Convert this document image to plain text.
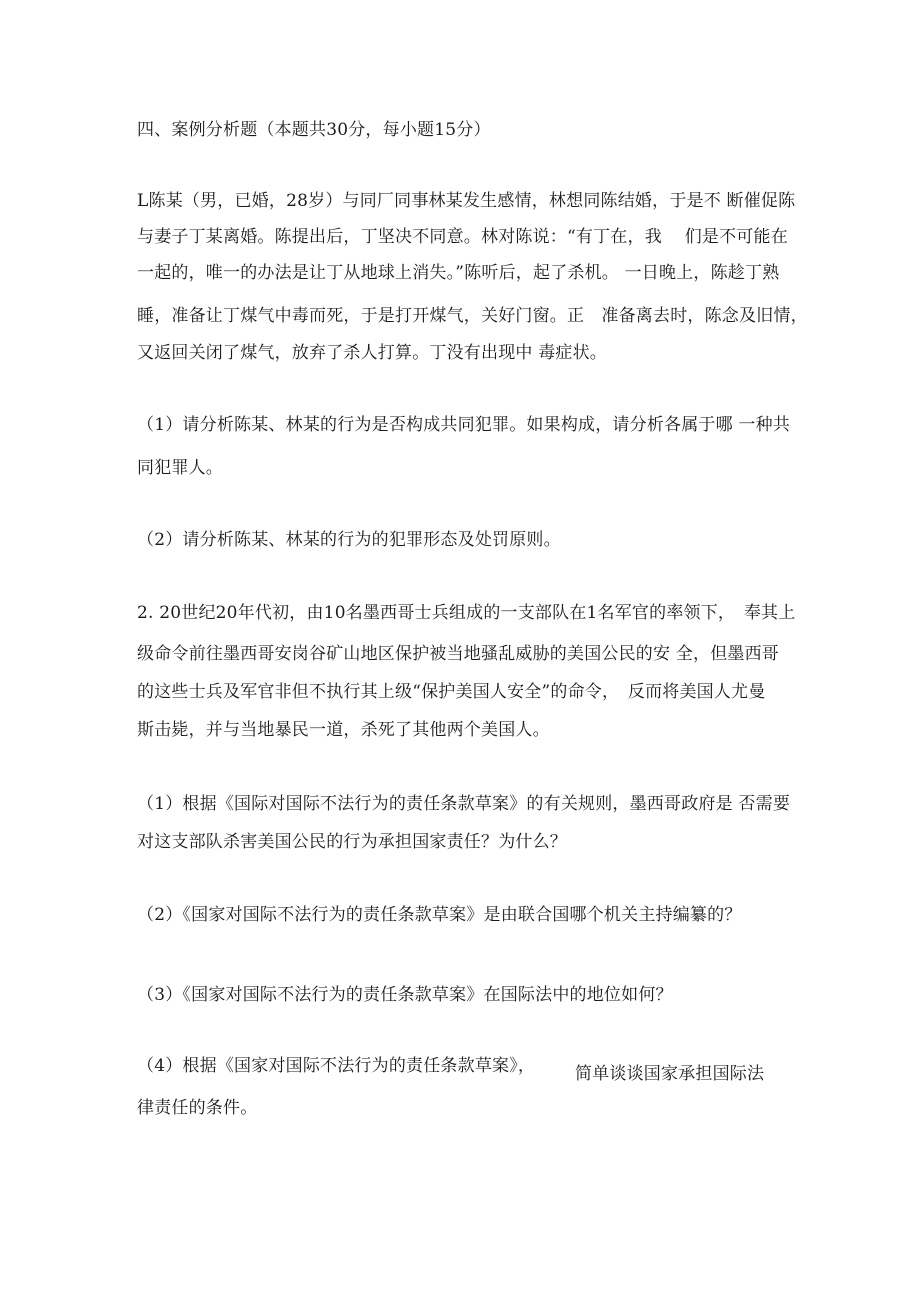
四、案例分析题（本题共30分，每小题15分）
L陈某（男，已婚，28岁）与同厂同事林某发生感情，林想同陈结婚，于是不 断催促陈
与妻子丁某离婚。陈提出后，丁坚决不同意。林对陈说：“有丁在，我　 们是不可能在
一起的，唯一的办法是让丁从地球上消失。”陈听后，起了杀机。 一日晚上，陈趁丁熟
睡，准备让丁煤气中毒而死，于是打开煤气，关好门窗。正　准备离去时，陈念及旧情，
又返回关闭了煤气，放弃了杀人打算。丁没有出现中 毒症状。
（1）请分析陈某、林某的行为是否构成共同犯罪。如果构成，请分析各属于哪 一种共
同犯罪人。
（2）请分析陈某、林某的行为的犯罪形态及处罚原则。
2. 20世纪20年代初，由10名墨西哥士兵组成的一支部队在1名军官的率领下，　奉其上
级命令前往墨西哥安岗谷矿山地区保护被当地骚乱威胁的美国公民的安 全，但墨西哥
的这些士兵及军官非但不执行其上级“保护美国人安全”的命令，　反而将美国人尤曼
斯击毙，并与当地暴民一道，杀死了其他两个美国人。
（1）根据《国际对国际不法行为的责任条款草案》的有关规则，墨西哥政府是 否需要
对这支部队杀害美国公民的行为承担国家责任？为什么？
（2）《国家对国际不法行为的责任条款草案》是由联合国哪个机关主持编纂的？
（3）《国家对国际不法行为的责任条款草案》在国际法中的地位如何？
（4）根据《国家对国际不法行为的责任条款草案》， 简单谈谈国家承担国际法
律责任的条件。
